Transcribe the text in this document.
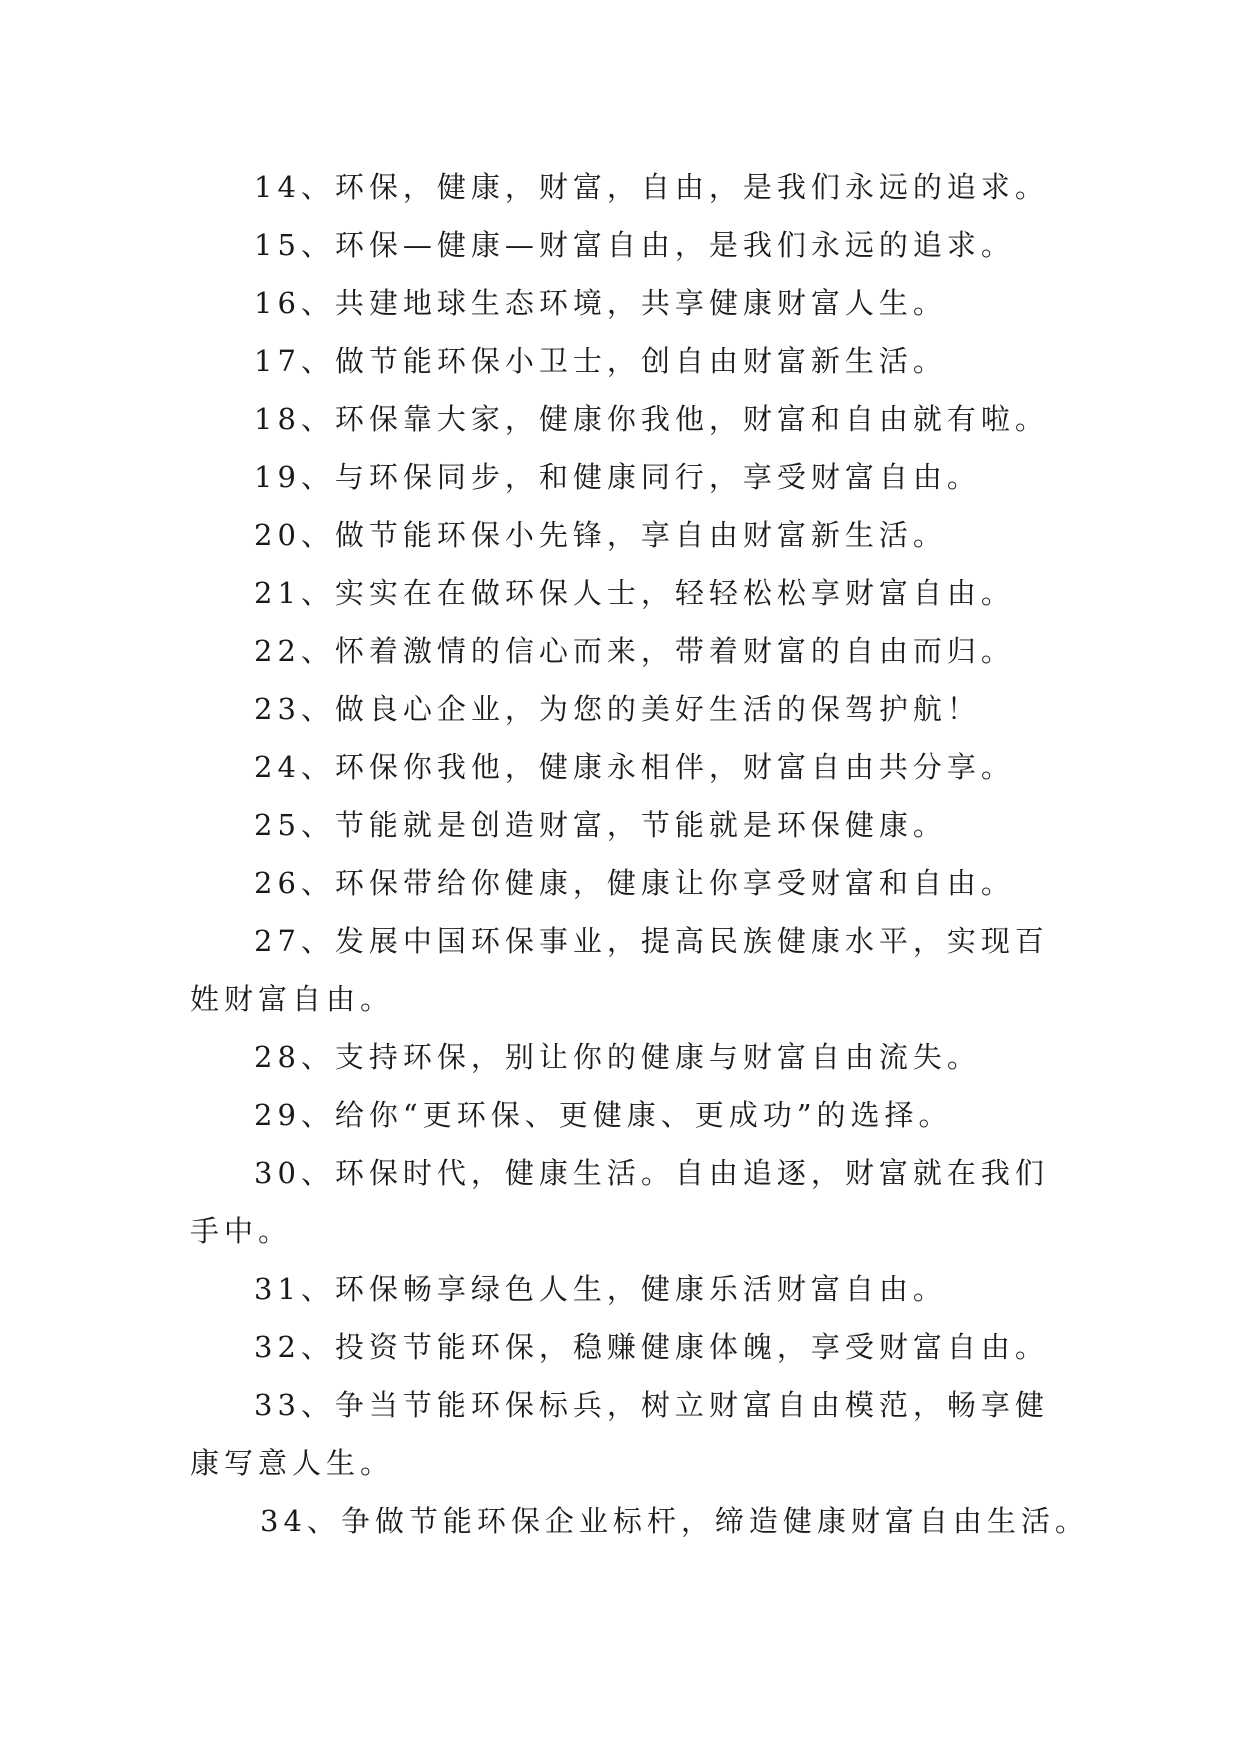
14、环保，健康，财富，自由，是我们永远的追求。

15、环保—健康—财富自由，是我们永远的追求。

16、共建地球生态环境，共享健康财富人生。

17、做节能环保小卫士，创自由财富新生活。

18、环保靠大家，健康你我他，财富和自由就有啦。

19、与环保同步，和健康同行，享受财富自由。

20、做节能环保小先锋，享自由财富新生活。

21、实实在在做环保人士，轻轻松松享财富自由。

22、怀着激情的信心而来，带着财富的自由而归。

23、做良心企业，为您的美好生活的保驾护航！

24、环保你我他，健康永相伴，财富自由共分享。

25、节能就是创造财富，节能就是环保健康。

26、环保带给你健康，健康让你享受财富和自由。

27、发展中国环保事业，提高民族健康水平，实现百姓财富自由。

28、支持环保，别让你的健康与财富自由流失。

29、给你“更环保、更健康、更成功”的选择。

30、环保时代，健康生活。自由追逐，财富就在我们手中。

31、环保畅享绿色人生，健康乐活财富自由。

32、投资节能环保，稳赚健康体魄，享受财富自由。

33、争当节能环保标兵，树立财富自由模范，畅享健康写意人生。

34、争做节能环保企业标杆，缔造健康财富自由生活。
